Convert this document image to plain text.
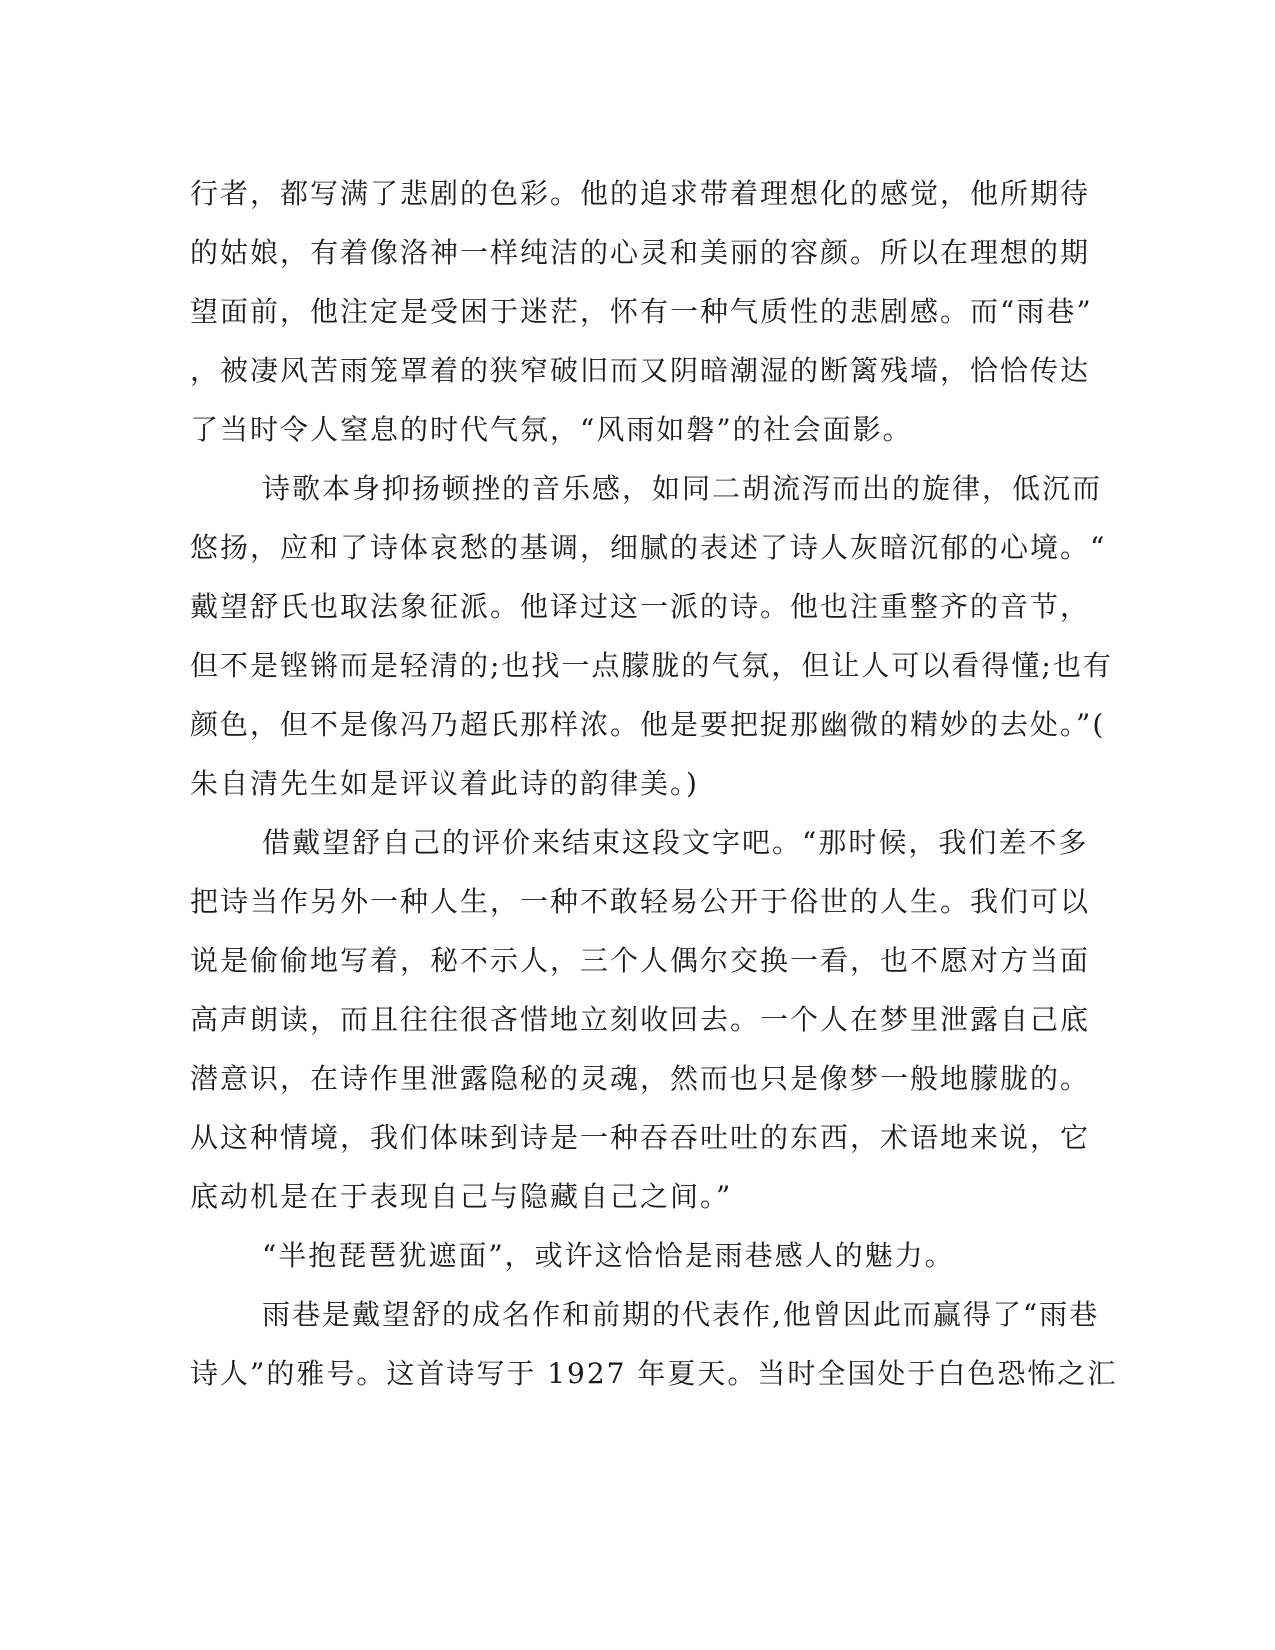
行者，都写满了悲剧的色彩。他的追求带着理想化的感觉，他所期待
的姑娘，有着像洛神一样纯洁的心灵和美丽的容颜。所以在理想的期
望面前，他注定是受困于迷茫，怀有一种气质性的悲剧感。而“雨巷”
，被凄风苦雨笼罩着的狭窄破旧而又阴暗潮湿的断篱残墙，恰恰传达
了当时令人窒息的时代气氛，“风雨如磐”的社会面影。
诗歌本身抑扬顿挫的音乐感，如同二胡流泻而出的旋律，低沉而
悠扬，应和了诗体哀愁的基调，细腻的表述了诗人灰暗沉郁的心境。“
戴望舒氏也取法象征派。他译过这一派的诗。他也注重整齐的音节，
但不是铿锵而是轻清的;也找一点朦胧的气氛，但让人可以看得懂;也有
颜色，但不是像冯乃超氏那样浓。他是要把捉那幽微的精妙的去处。”(
朱自清先生如是评议着此诗的韵律美。)
借戴望舒自己的评价来结束这段文字吧。“那时候，我们差不多
把诗当作另外一种人生，一种不敢轻易公开于俗世的人生。我们可以
说是偷偷地写着，秘不示人，三个人偶尔交换一看，也不愿对方当面
高声朗读，而且往往很吝惜地立刻收回去。一个人在梦里泄露自己底
潜意识，在诗作里泄露隐秘的灵魂，然而也只是像梦一般地朦胧的。
从这种情境，我们体味到诗是一种吞吞吐吐的东西，术语地来说，它
底动机是在于表现自己与隐藏自己之间。”
“半抱琵琶犹遮面”，或许这恰恰是雨巷感人的魅力。
雨巷是戴望舒的成名作和前期的代表作,他曾因此而赢得了“雨巷
诗人”的雅号。这首诗写于 1927 年夏天。当时全国处于白色恐怖之汇
